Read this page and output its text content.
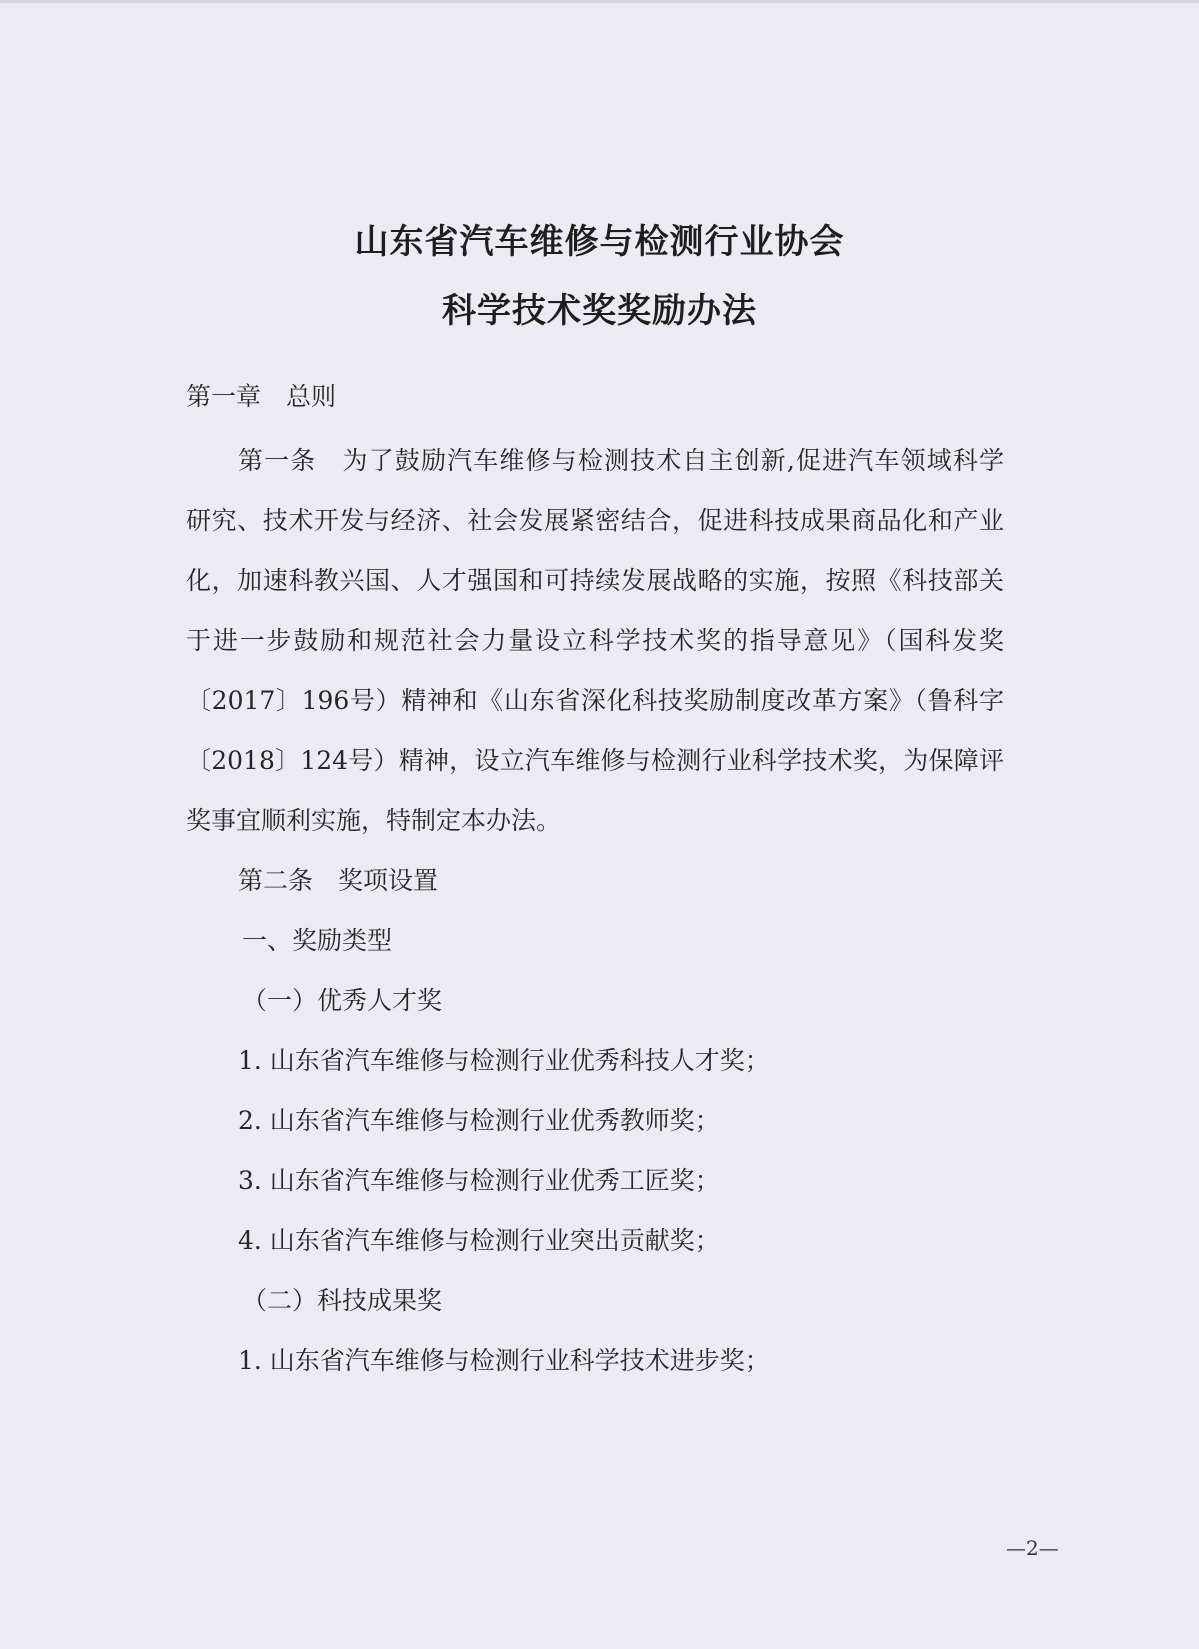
山东省汽车维修与检测行业协会
科学技术奖奖励办法
第一章　总则
第一条　为了鼓励汽车维修与检测技术自主创新,促进汽车领域科学
研究、技术开发与经济、社会发展紧密结合，促进科技成果商品化和产业
化，加速科教兴国、人才强国和可持续发展战略的实施，按照《科技部关
于进一步鼓励和规范社会力量设立科学技术奖的指导意见》（国科发奖
〔2017〕196号）精神和《山东省深化科技奖励制度改革方案》（鲁科字
〔2018〕124号）精神，设立汽车维修与检测行业科学技术奖，为保障评
奖事宜顺利实施，特制定本办法。
第二条　奖项设置
一、奖励类型
（一）优秀人才奖
1. 山东省汽车维修与检测行业优秀科技人才奖；
2. 山东省汽车维修与检测行业优秀教师奖；
3. 山东省汽车维修与检测行业优秀工匠奖；
4. 山东省汽车维修与检测行业突出贡献奖；
（二）科技成果奖
1. 山东省汽车维修与检测行业科学技术进步奖；
—2—
